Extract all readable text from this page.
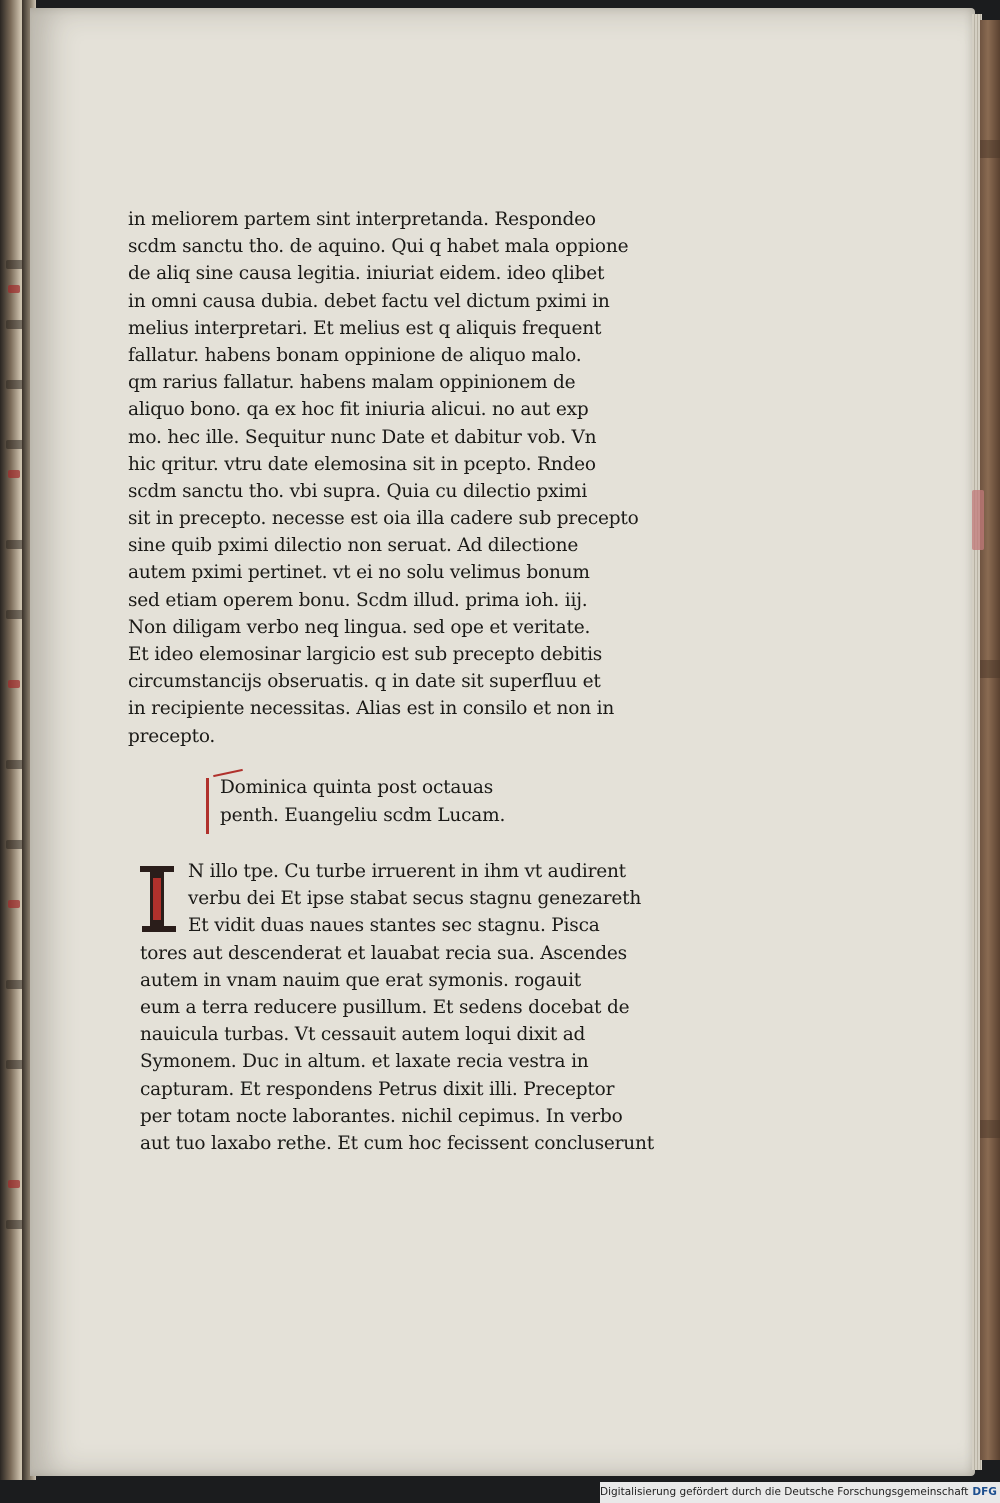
in meliorem partem sint interpretanda. Respondeo
scdm sanctu tho. de aquino. Qui q habet mala oppione
de aliq sine causa legitia. iniuriat eidem. ideo qlibet
in omni causa dubia. debet factu vel dictum pximi in
melius interpretari. Et melius est q aliquis frequent
fallatur. habens bonam oppinione de aliquo malo.
qm rarius fallatur. habens malam oppinionem de
aliquo bono. qa ex hoc fit iniuria alicui. no aut exp
mo. hec ille. Sequitur nunc Date et dabitur vob. Vn
hic qritur. vtru date elemosina sit in pcepto. Rndeo
scdm sanctu tho. vbi supra. Quia cu dilectio pximi
sit in precepto. necesse est oia illa cadere sub precepto
sine quib pximi dilectio non seruat. Ad dilectione
autem pximi pertinet. vt ei no solu velimus bonum
sed etiam operem bonu. Scdm illud. prima ioh. iij.
Non diligam verbo neq lingua. sed ope et veritate.
Et ideo elemosinar largicio est sub precepto debitis
circumstancijs obseruatis. q in date sit superfluu et
in recipiente necessitas. Alias est in consilo et non in
precepto.
Dominica quinta post octauas
penth. Euangeliu scdm Lucam.
N illo tpe. Cu turbe irruerent in ihm vt audirent
verbu dei Et ipse stabat secus stagnu genezareth
Et vidit duas naues stantes sec stagnu. Pisca
tores aut descenderat et lauabat recia sua. Ascendes
autem in vnam nauim que erat symonis. rogauit
eum a terra reducere pusillum. Et sedens docebat de
nauicula turbas. Vt cessauit autem loqui dixit ad
Symonem. Duc in altum. et laxate recia vestra in
capturam. Et respondens Petrus dixit illi. Preceptor
per totam nocte laborantes. nichil cepimus. In verbo
aut tuo laxabo rethe. Et cum hoc fecissent concluserunt
Digitalisierung gefördert durch die Deutsche Forschungsgemeinschaft DFG
